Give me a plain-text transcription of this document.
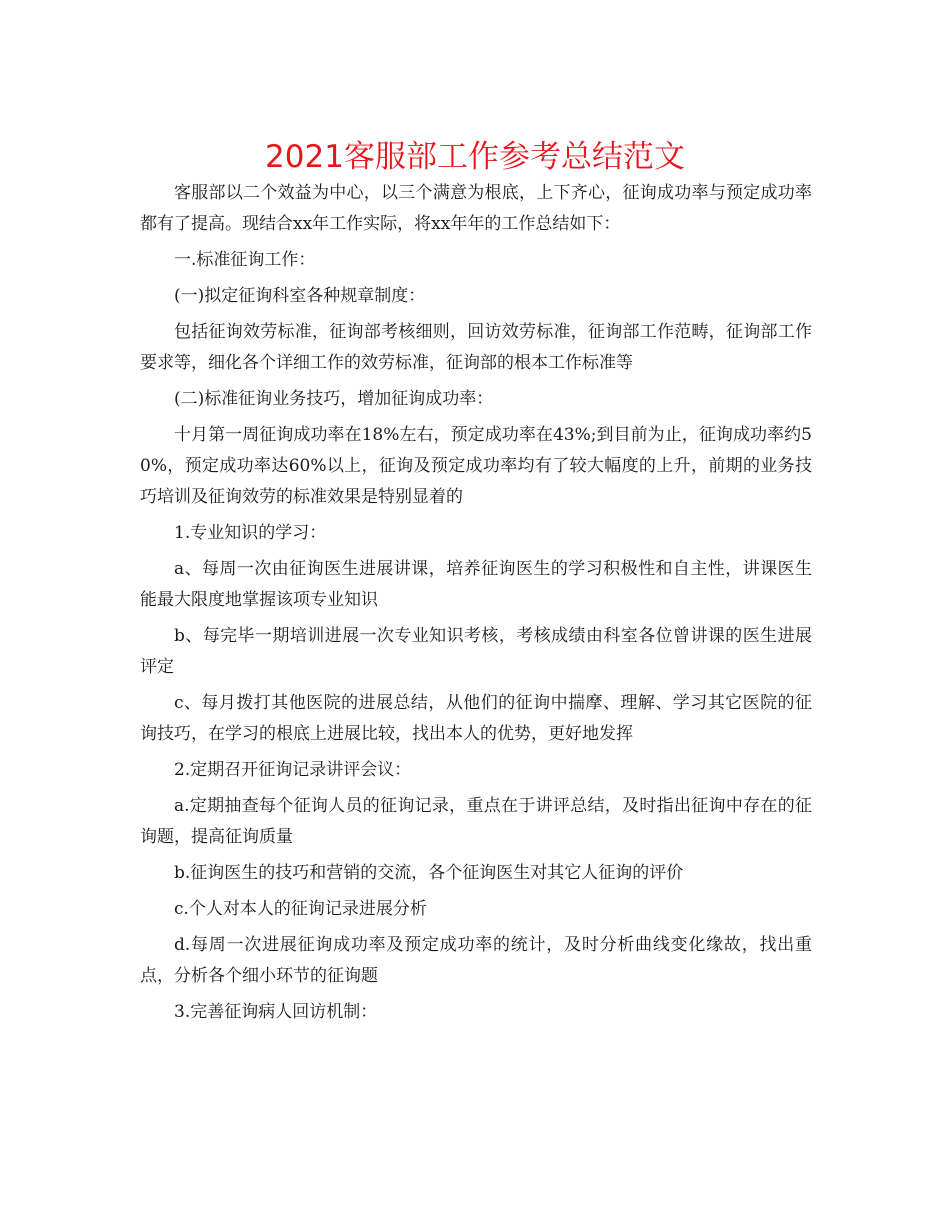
2021客服部工作参考总结范文

客服部以二个效益为中心，以三个满意为根底，上下齐心，征询成功率与预定成功率都有了提高。现结合xx年工作实际，将xx年年的工作总结如下：

一.标准征询工作：

(一)拟定征询科室各种规章制度：

包括征询效劳标准，征询部考核细则，回访效劳标准，征询部工作范畴，征询部工作要求等，细化各个详细工作的效劳标准，征询部的根本工作标准等

(二)标准征询业务技巧，增加征询成功率：

十月第一周征询成功率在18%左右，预定成功率在43%;到目前为止，征询成功率约50%，预定成功率达60%以上，征询及预定成功率均有了较大幅度的上升，前期的业务技巧培训及征询效劳的标准效果是特别显着的

1.专业知识的学习：

a、每周一次由征询医生进展讲课，培养征询医生的学习积极性和自主性，讲课医生能最大限度地掌握该项专业知识

b、每完毕一期培训进展一次专业知识考核，考核成绩由科室各位曾讲课的医生进展评定

c、每月拨打其他医院的进展总结，从他们的征询中揣摩、理解、学习其它医院的征询技巧，在学习的根底上进展比较，找出本人的优势，更好地发挥

2.定期召开征询记录讲评会议：

a.定期抽查每个征询人员的征询记录，重点在于讲评总结，及时指出征询中存在的征询题，提高征询质量

b.征询医生的技巧和营销的交流，各个征询医生对其它人征询的评价

c.个人对本人的征询记录进展分析

d.每周一次进展征询成功率及预定成功率的统计，及时分析曲线变化缘故，找出重点，分析各个细小环节的征询题

3.完善征询病人回访机制：
